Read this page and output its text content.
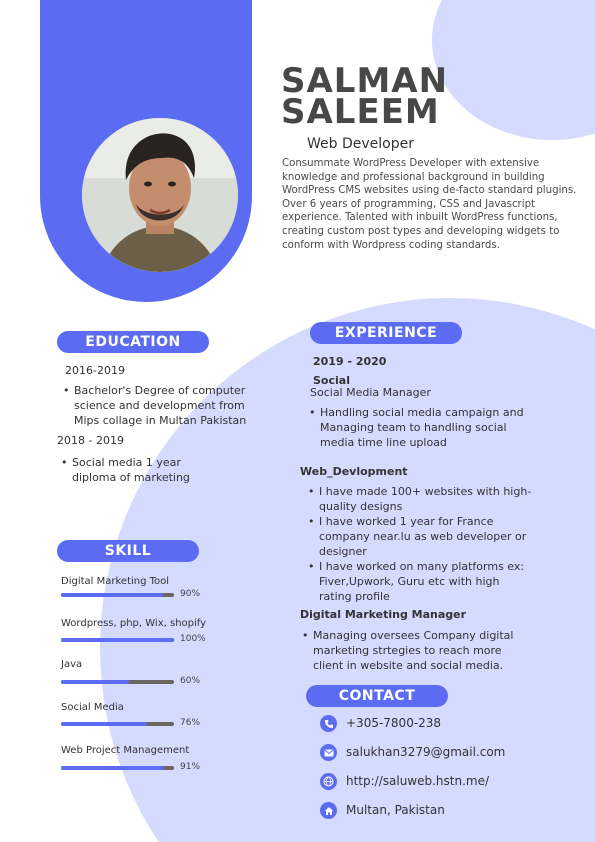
SALMAN
SALEEM
Web Developer
Consummate WordPress Developer with extensive knowledge and professional background in building WordPress CMS websites using de-facto standard plugins. Over 6 years of programming, CSS and Javascript experience. Talented with inbuilt WordPress functions, creating custom post types and developing widgets to conform with Wordpress coding standards.
EDUCATION
2016-2019
• Bachelor's Degree of computer science and development from Mips collage in Multan Pakistan
2018 - 2019
• Social media 1 year diploma of marketing
SKILL
Digital Marketing Tool
90%
Wordpress, php, Wix, shopify
100%
Java
60%
Social Media
76%
Web Project Management
91%
EXPERIENCE
2019 - 2020
Social
Social Media Manager
• Handling social media campaign and Managing team to handling social media time line upload
Web_Devlopment
• I have made 100+ websites with high-quality designs
• I have worked 1 year for France company near.lu as web developer or designer
• I have worked on many platforms ex: Fiver,Upwork, Guru etc with high rating profile
Digital Marketing Manager
• Managing oversees Company digital marketing strtegies to reach more client in website and social media.
CONTACT
+305-7800-238
salukhan3279@gmail.com
http://saluweb.hstn.me/
Multan, Pakistan
